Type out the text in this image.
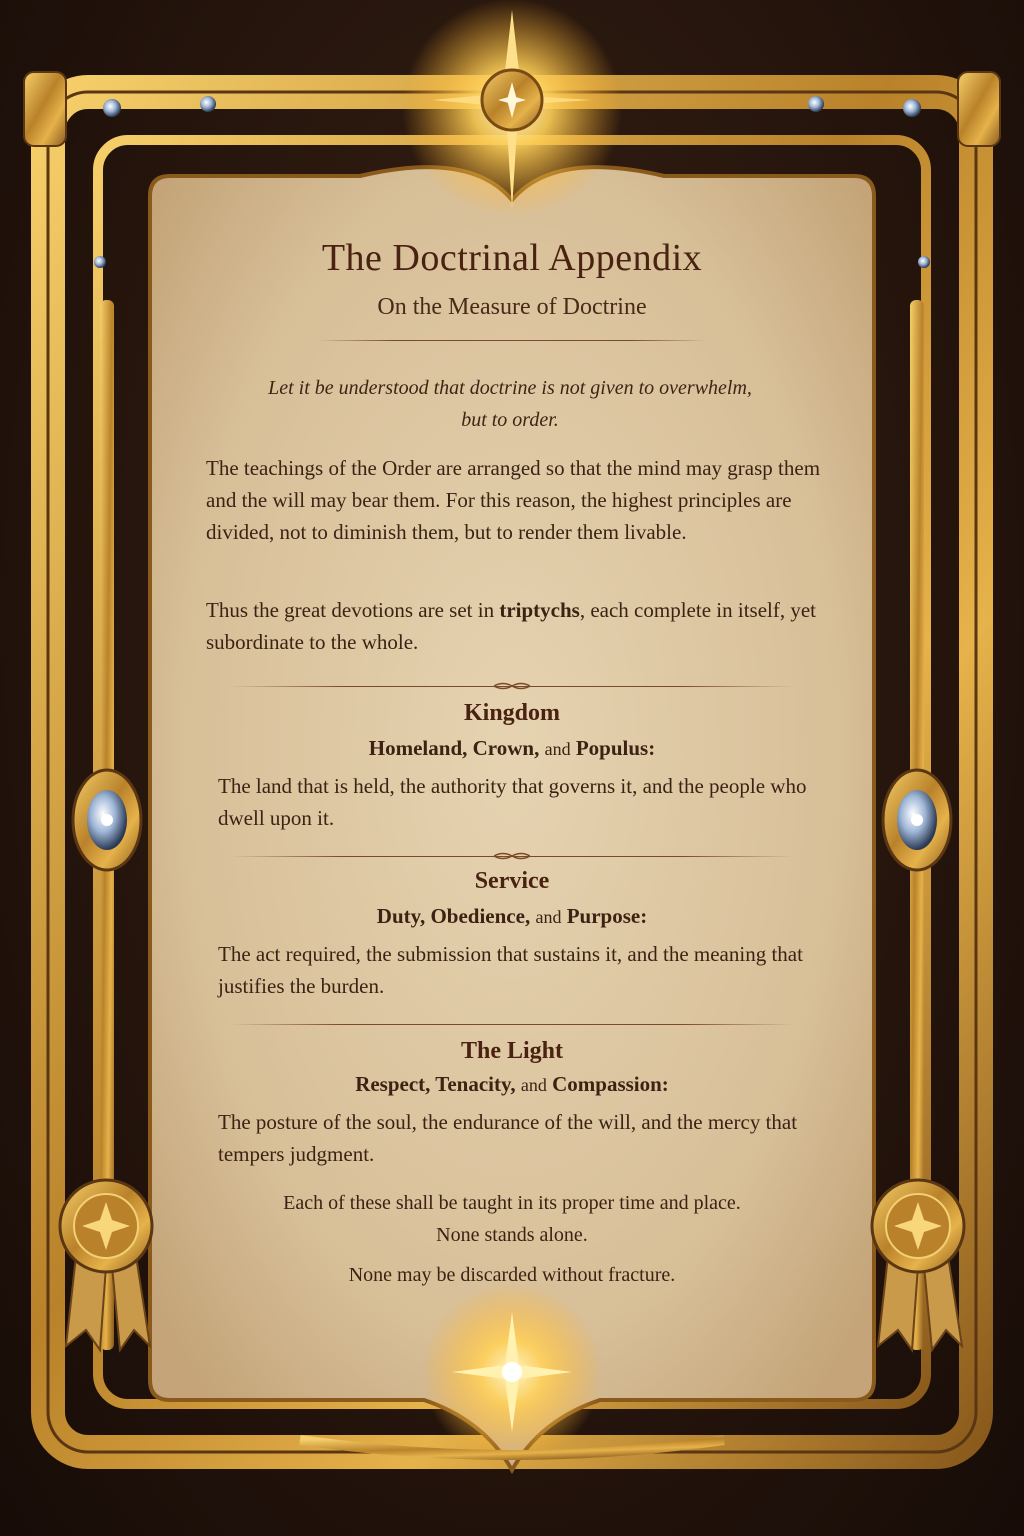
The Doctrinal Appendix
On the Measure of Doctrine
Let it be understood that doctrine is not given to overwhelm,
but to order.
The teachings of the Order are arranged so that the mind may grasp them and the will may bear them. For this reason, the highest principles are divided, not to diminish them, but to render them livable.
Thus the great devotions are set in triptychs, each complete in itself, yet subordinate to the whole.
Kingdom
Homeland, Crown, and Populus:
The land that is held, the authority that governs it, and the people who dwell upon it.
Service
Duty, Obedience, and Purpose:
The act required, the submission that sustains it, and the meaning that justifies the burden.
The Light
Respect, Tenacity, and Compassion:
The posture of the soul, the endurance of the will, and the mercy that tempers judgment.
Each of these shall be taught in its proper time and place.
None stands alone.
None may be discarded without fracture.
